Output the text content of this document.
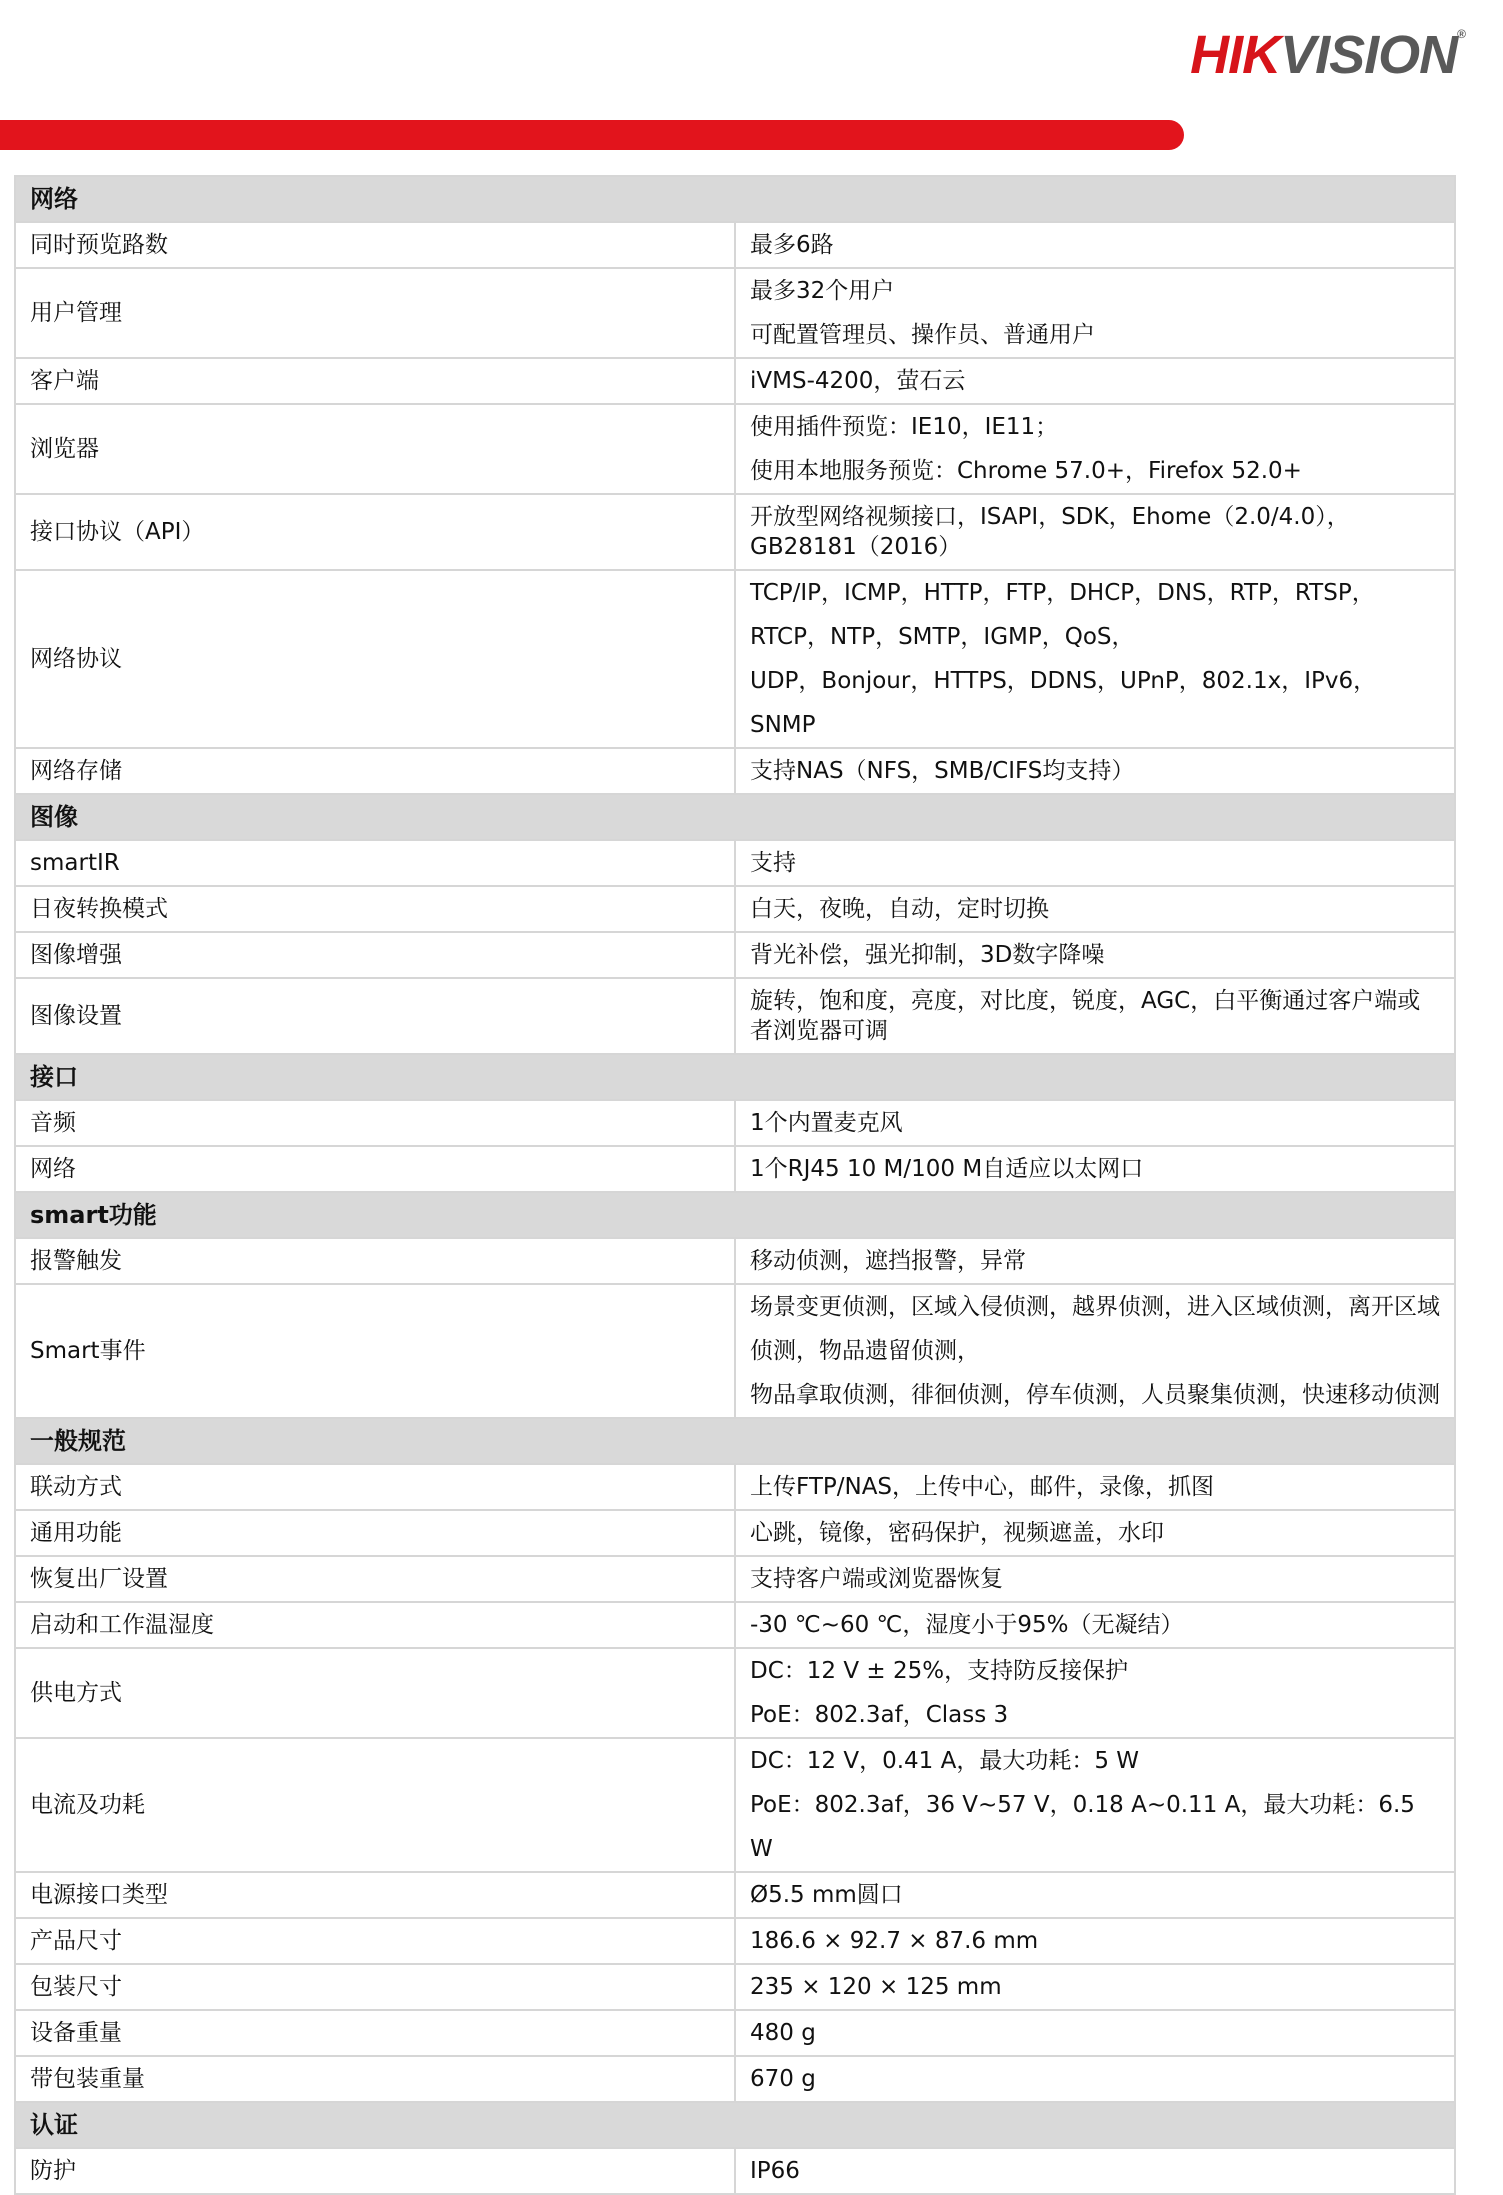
HIKVISION®
网络	
同时预览路数	最多6路
用户管理	最多32个用户
可配置管理员、操作员、普通用户

客户端	iVMS-4200，萤石云
浏览器	使用插件预览：IE10，IE11；
使用本地服务预览：Chrome 57.0+，Firefox 52.0+

接口协议（API）	开放型网络视频接口，ISAPI，SDK，Ehome（2.0/4.0），GB28181（2016）
网络协议	TCP/IP，ICMP，HTTP，FTP，DHCP，DNS，RTP，RTSP，RTCP，NTP，SMTP，IGMP，QoS，
UDP，Bonjour，HTTPS，DDNS，UPnP，802.1x，IPv6，SNMP

网络存储	支持NAS（NFS，SMB/CIFS均支持）
图像	
smartIR	支持
日夜转换模式	白天，夜晚，自动，定时切换
图像增强	背光补偿，强光抑制，3D数字降噪
图像设置	旋转，饱和度，亮度，对比度，锐度，AGC，白平衡通过客户端或者浏览器可调
接口	
音频	1个内置麦克风
网络	1个RJ45 10 M/100 M自适应以太网口
smart功能	
报警触发	移动侦测，遮挡报警，异常
Smart事件	场景变更侦测，区域入侵侦测，越界侦测，进入区域侦测，离开区域侦测，物品遗留侦测，
物品拿取侦测，徘徊侦测，停车侦测，人员聚集侦测，快速移动侦测

一般规范	
联动方式	上传FTP/NAS，上传中心，邮件，录像，抓图
通用功能	心跳，镜像，密码保护，视频遮盖，水印
恢复出厂设置	支持客户端或浏览器恢复
启动和工作温湿度	-30 ℃~60 ℃，湿度小于95%（无凝结）
供电方式	DC：12 V ± 25%，支持防反接保护
PoE：802.3af，Class 3

电流及功耗	DC：12 V，0.41 A，最大功耗：5 W
PoE：802.3af，36 V~57 V，0.18 A~0.11 A，最大功耗：6.5 W

电源接口类型	Ø5.5 mm圆口
产品尺寸	186.6 × 92.7 × 87.6 mm
包装尺寸	235 × 120 × 125 mm
设备重量	480 g
带包装重量	670 g
认证	
防护	IP66
